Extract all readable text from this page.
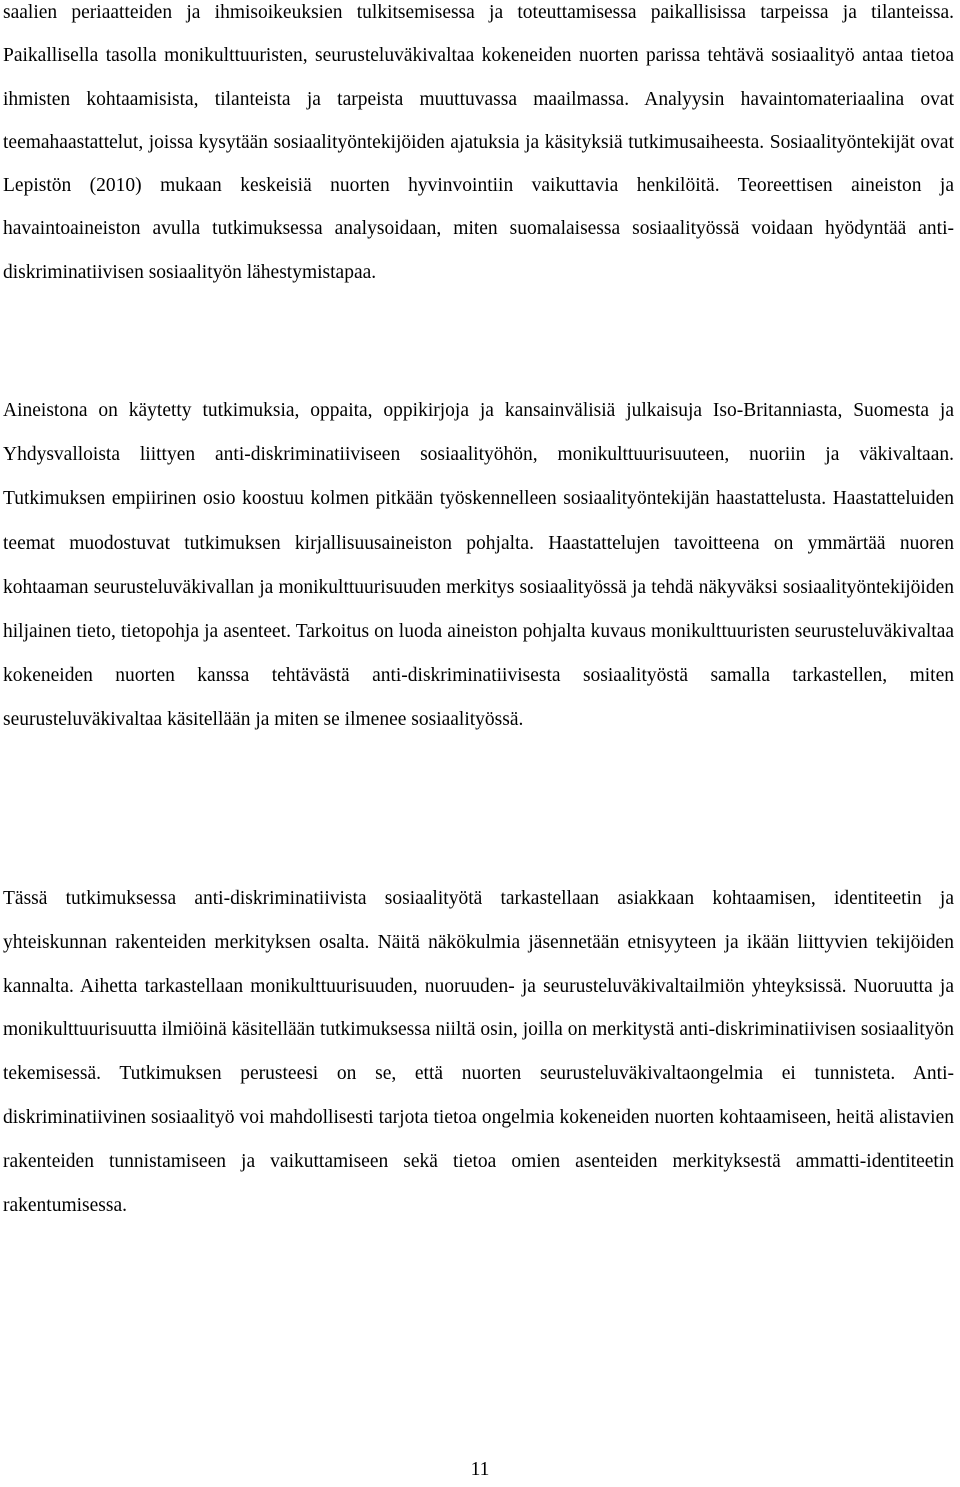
saalien periaatteiden ja ihmisoikeuksien tulkitsemisessa ja toteuttamisessa paikallisissa tarpeissa ja tilanteissa. Paikallisella tasolla monikulttuuristen, seurusteluväkivaltaa kokeneiden nuorten parissa tehtävä sosiaalityö antaa tietoa ihmisten kohtaamisista, tilanteista ja tarpeista muuttuvassa maailmassa. Analyysin havaintomateriaalina ovat teemahaastattelut, joissa kysytään sosiaalityöntekijöiden ajatuksia ja käsityksiä tutkimusaiheesta. Sosiaalityöntekijät ovat Lepistön (2010) mukaan keskeisiä nuorten hyvinvointiin vaikuttavia henkilöitä. Teoreettisen aineiston ja havaintoaineiston avulla tutkimuksessa analysoidaan, miten suomalaisessa sosiaalityössä voidaan hyödyntää anti-diskriminatiivisen sosiaalityön lähestymistapaa.

Aineistona on käytetty tutkimuksia, oppaita, oppikirjoja ja kansainvälisiä julkaisuja Iso-Britanniasta, Suomesta ja Yhdysvalloista liittyen anti-diskriminatiiviseen sosiaalityöhön, monikulttuurisuuteen, nuoriin ja väkivaltaan. Tutkimuksen empiirinen osio koostuu kolmen pitkään työskennelleen sosiaalityöntekijän haastattelusta. Haastatteluiden teemat muodostuvat tutkimuksen kirjallisuusaineiston pohjalta. Haastattelujen tavoitteena on ymmärtää nuoren kohtaaman seurusteluväkivallan ja monikulttuurisuuden merkitys sosiaalityössä ja tehdä näkyväksi sosiaalityöntekijöiden hiljainen tieto, tietopohja ja asenteet. Tarkoitus on luoda aineiston pohjalta kuvaus monikulttuuristen seurusteluväkivaltaa kokeneiden nuorten kanssa tehtävästä anti-diskriminatiivisesta sosiaalityöstä samalla tarkastellen, miten seurusteluväkivaltaa käsitellään ja miten se ilmenee sosiaalityössä.

Tässä tutkimuksessa anti-diskriminatiivista sosiaalityötä tarkastellaan asiakkaan kohtaamisen, identiteetin ja yhteiskunnan rakenteiden merkityksen osalta. Näitä näkökulmia jäsennetään etnisyyteen ja ikään liittyvien tekijöiden kannalta. Aihetta tarkastellaan monikulttuurisuuden, nuoruuden- ja seurusteluväkivaltailmiön yhteyksissä. Nuoruutta ja monikulttuurisuutta ilmiöinä käsitellään tutkimuksessa niiltä osin, joilla on merkitystä anti-diskriminatiivisen sosiaalityön tekemisessä. Tutkimuksen perusteesi on se, että nuorten seurusteluväkivaltaongelmia ei tunnisteta. Anti-diskriminatiivinen sosiaalityö voi mahdollisesti tarjota tietoa ongelmia kokeneiden nuorten kohtaamiseen, heitä alistavien rakenteiden tunnistamiseen ja vaikuttamiseen sekä tietoa omien asenteiden merkityksestä ammatti-identiteetin rakentumisessa.

11
